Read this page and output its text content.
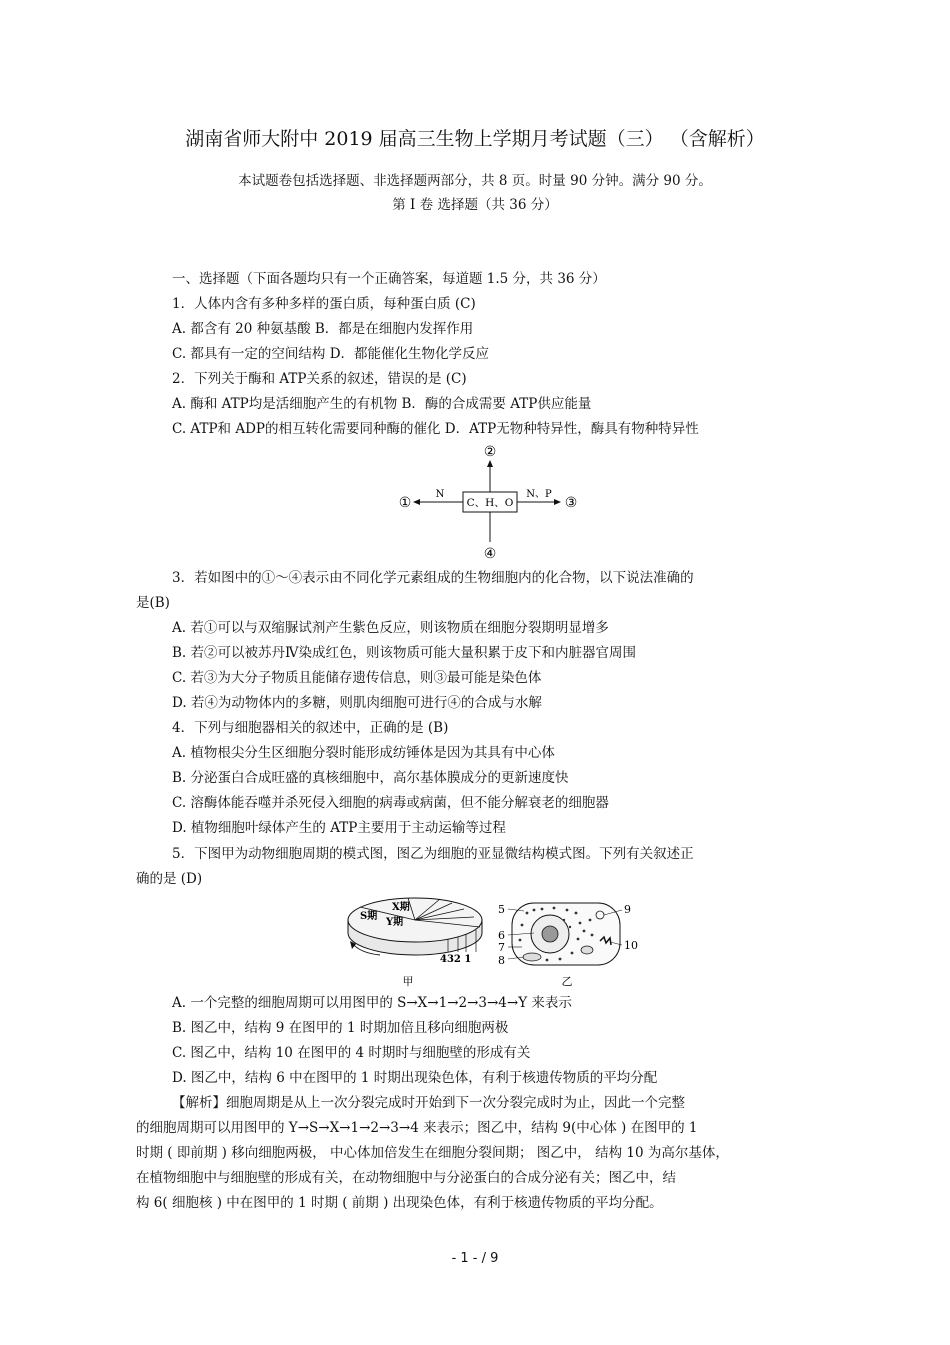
湖南省师大附中 2019 届高三生物上学期月考试题（三） （含解析）
本试题卷包括选择题、非选择题两部分，共 8 页。时量 90 分钟。满分 90 分。
第 I 卷 选择题（共 36 分）
一、选择题（下面各题均只有一个正确答案，每道题 1.5 分，共 36 分）
1．人体内含有多种多样的蛋白质，每种蛋白质 (C)
A. 都含有 20 种氨基酸 B．都是在细胞内发挥作用
C. 都具有一定的空间结构 D．都能催化生物化学反应
2．下列关于酶和 ATP关系的叙述，错误的是 (C)
A. 酶和 ATP均是活细胞产生的有机物 B．酶的合成需要 ATP供应能量
C. ATP和 ADP的相互转化需要同种酶的催化 D．ATP无物种特异性，酶具有物种特异性
②
C、H、O
N
①
N、P
③
④
3．若如图中的①～④表示由不同化学元素组成的生物细胞内的化合物，以下说法准确的
是(B)
A. 若①可以与双缩脲试剂产生紫色反应，则该物质在细胞分裂期明显增多
B. 若②可以被苏丹Ⅳ染成红色，则该物质可能大量积累于皮下和内脏器官周围
C. 若③为大分子物质且能储存遗传信息，则③最可能是染色体
D. 若④为动物体内的多糖，则肌肉细胞可进行④的合成与水解
4．下列与细胞器相关的叙述中，正确的是 (B)
A. 植物根尖分生区细胞分裂时能形成纺锤体是因为其具有中心体
B. 分泌蛋白合成旺盛的真核细胞中，高尔基体膜成分的更新速度快
C. 溶酶体能吞噬并杀死侵入细胞的病毒或病菌，但不能分解衰老的细胞器
D. 植物细胞叶绿体产生的 ATP主要用于主动运输等过程
5．下图甲为动物细胞周期的模式图，图乙为细胞的亚显微结构模式图。下列有关叙述正
确的是 (D)
S期
X期
Y期
432 1
甲
5
6
7
8
9
10
乙
A. 一个完整的细胞周期可以用图甲的 S→X→1→2→3→4→Y 来表示
B. 图乙中，结构 9 在图甲的 1 时期加倍且移向细胞两极
C. 图乙中，结构 10 在图甲的 4 时期时与细胞壁的形成有关
D. 图乙中，结构 6 中在图甲的 1 时期出现染色体，有利于核遗传物质的平均分配
【解析】细胞周期是从上一次分裂完成时开始到下一次分裂完成时为止，因此一个完整
的细胞周期可以用图甲的 Y→S→X→1→2→3→4 来表示；图乙中，结构 9(中心体 ) 在图甲的 1
时期 ( 即前期 ) 移向细胞两极， 中心体加倍发生在细胞分裂间期； 图乙中， 结构 10 为高尔基体，
在植物细胞中与细胞壁的形成有关，在动物细胞中与分泌蛋白的合成分泌有关；图乙中，结
构 6( 细胞核 ) 中在图甲的 1 时期 ( 前期 ) 出现染色体，有利于核遗传物质的平均分配。
- 1 - / 9
